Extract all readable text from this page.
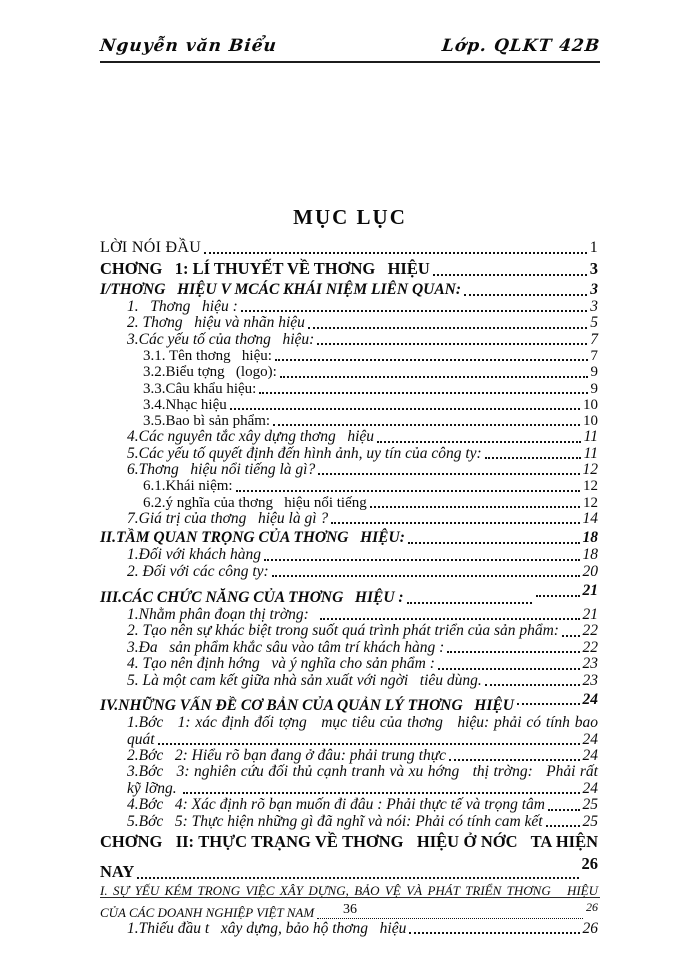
Nguyễn văn Biểu	Lớp. QLKT 42B
MỤC LỤC
LỜI NÓI ĐẦU	1
CHƠNG   1: LÍ THUYẾT VỀ THƠNG   HIỆU	3
I/THƠNG   HIỆU V MCÁC KHÁI NIỆM LIÊN QUAN:	3
1.   Thơng   hiệu :	3
2. Thơng   hiệu và nhãn hiệu	5
3.Các yếu tố của thơng   hiệu:	7
3.1. Tên thơng   hiệu:	7
3.2.Biểu tợng   (logo):	9
3.3.Câu khẩu hiệu:	9
3.4.Nhạc hiệu	10
3.5.Bao bì sản phẩm:	10
4.Các nguyên tắc xây dựng thơng   hiệu	11
5.Các yếu tố quyết định đến hình ảnh, uy tín của công ty:	11
6.Thơng   hiệu nổi tiếng là gì?	12
6.1.Khái niệm:	12
6.2.ý nghĩa của thơng   hiệu nổi tiếng	12
7.Giá trị của thơng   hiệu là gì ?	14
II.TẦM QUAN TRỌNG CỦA THƠNG   HIỆU:	18
1.Đối với khách hàng	18
2. Đối với các công ty:	20
III.CÁC CHỨC NĂNG CỦA THƠNG   HIỆU :	21
1.Nhằm phân đoạn thị trờng:	21
2. Tạo nên sự khác biệt trong suốt quá trình phát triển của sản phẩm: 22
3.Đa   sản phẩm khắc sâu vào tâm trí khách hàng :	22
4. Tạo nên định hớng   và ý nghĩa cho sản phẩm :	23
5. Là một cam kết giữa nhà sản xuất với ngời   tiêu dùng.	23
IV.NHỮNG VẤN ĐỀ CƠ BẢN CỦA QUẢN LÝ THƠNG   HIỆU	24
1.Bớc   1: xác định đối tợng   mục tiêu của thơng   hiệu: phải có tính bao
quát	24
2.Bớc   2: Hiểu rõ bạn đang ở đâu: phải trung thực	24
3.Bớc   3: nghiên cứu đối thủ cạnh tranh và xu hớng   thị trờng:   Phải rất
kỹ lỡng.	24
4.Bớc   4: Xác định rõ bạn muốn đi đâu : Phải thực tế và trọng tâm 25
5.Bớc   5: Thực hiện những gì đã nghĩ và nói: Phải có tính cam kết	25
CHƠNG   II: THỰC TRẠNG VỀ THƠNG   HIỆU Ở NỚC   TA HIỆN
NAY	26
I. SỰ YẾU KÉM TRONG VIỆC XÂY DỰNG, BẢO VỆ VÀ PHÁT TRIỂN THƠNG   HIỆU
CỦA CÁC DOANH NGHIỆP VIỆT NAM	26
1.Thiếu đầu t   xây dựng, bảo hộ thơng   hiệu	26
36
